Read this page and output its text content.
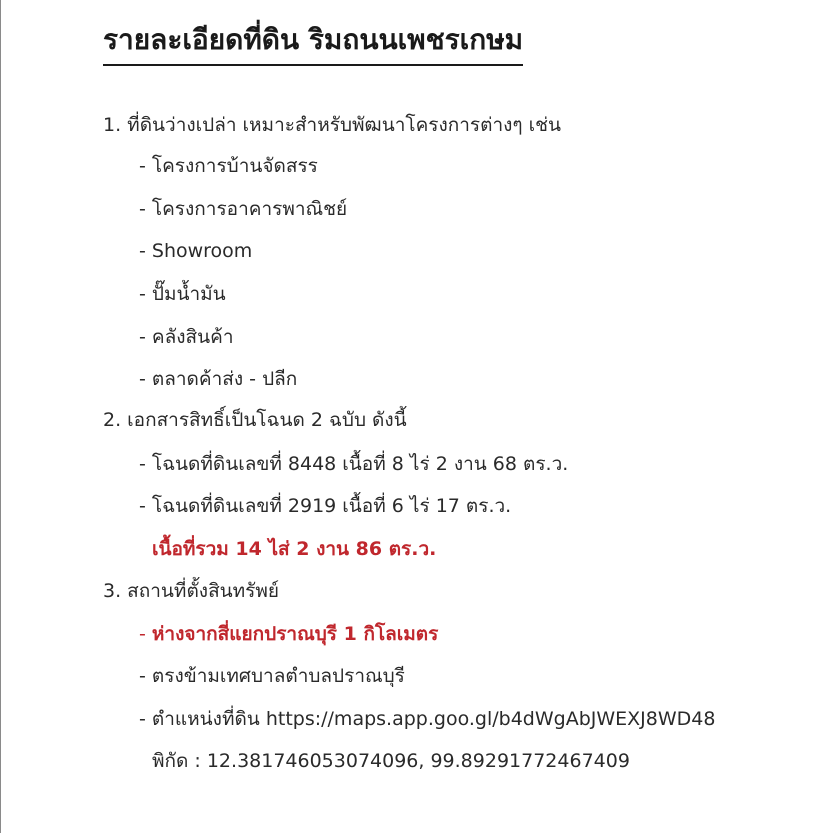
รายละเอียดที่ดิน ริมถนนเพชรเกษม
1. ที่ดินว่างเปล่า เหมาะสำหรับพัฒนาโครงการต่างๆ เช่น
- โครงการบ้านจัดสรร
- โครงการอาคารพาณิชย์
- Showroom
- ปั๊มน้ำมัน
- คลังสินค้า
- ตลาดค้าส่ง - ปลีก
2. เอกสารสิทธิ์เป็นโฉนด 2 ฉบับ ดังนี้
- โฉนดที่ดินเลขที่ 8448 เนื้อที่ 8 ไร่ 2 งาน 68 ตร.ว.
- โฉนดที่ดินเลขที่ 2919 เนื้อที่ 6 ไร่ 17 ตร.ว.
เนื้อที่รวม 14 ไส่ 2 งาน 86 ตร.ว.
3. สถานที่ตั้งสินทรัพย์
- ห่างจากสี่แยกปราณบุรี 1 กิโลเมตร
- ตรงข้ามเทศบาลตำบลปราณบุรี
- ตำแหน่งที่ดิน https://maps.app.goo.gl/b4dWgAbJWEXJ8WD48
พิกัด : 12.381746053074096, 99.89291772467409
